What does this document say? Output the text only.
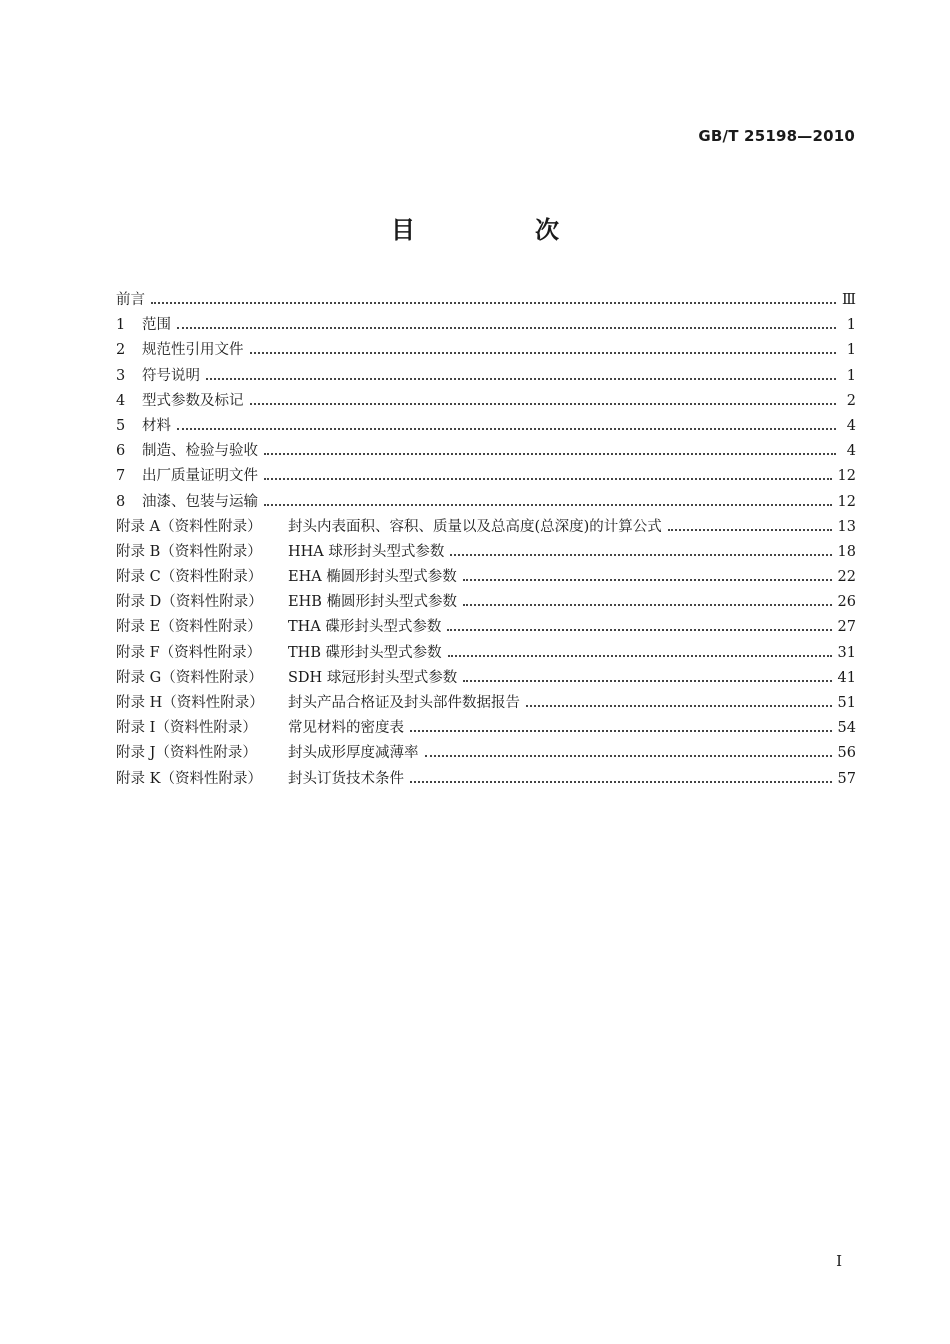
GB/T 25198—2010
目　次
前言	Ⅲ
1	范围	1
2	规范性引用文件	1
3	符号说明	1
4	型式参数及标记	2
5	材料	4
6	制造、检验与验收	4
7	出厂质量证明文件	12
8	油漆、包装与运输	12
附录 A（资料性附录）	封头内表面积、容积、质量以及总高度(总深度)的计算公式	13
附录 B（资料性附录）	HHA 球形封头型式参数	18
附录 C（资料性附录）	EHA 椭圆形封头型式参数	22
附录 D（资料性附录）	EHB 椭圆形封头型式参数	26
附录 E（资料性附录）	THA 碟形封头型式参数	27
附录 F（资料性附录）	THB 碟形封头型式参数	31
附录 G（资料性附录）	SDH 球冠形封头型式参数	41
附录 H（资料性附录）	封头产品合格证及封头部件数据报告	51
附录 I（资料性附录）	常见材料的密度表	54
附录 J（资料性附录）	封头成形厚度减薄率	56
附录 K（资料性附录）	封头订货技术条件	57
I
